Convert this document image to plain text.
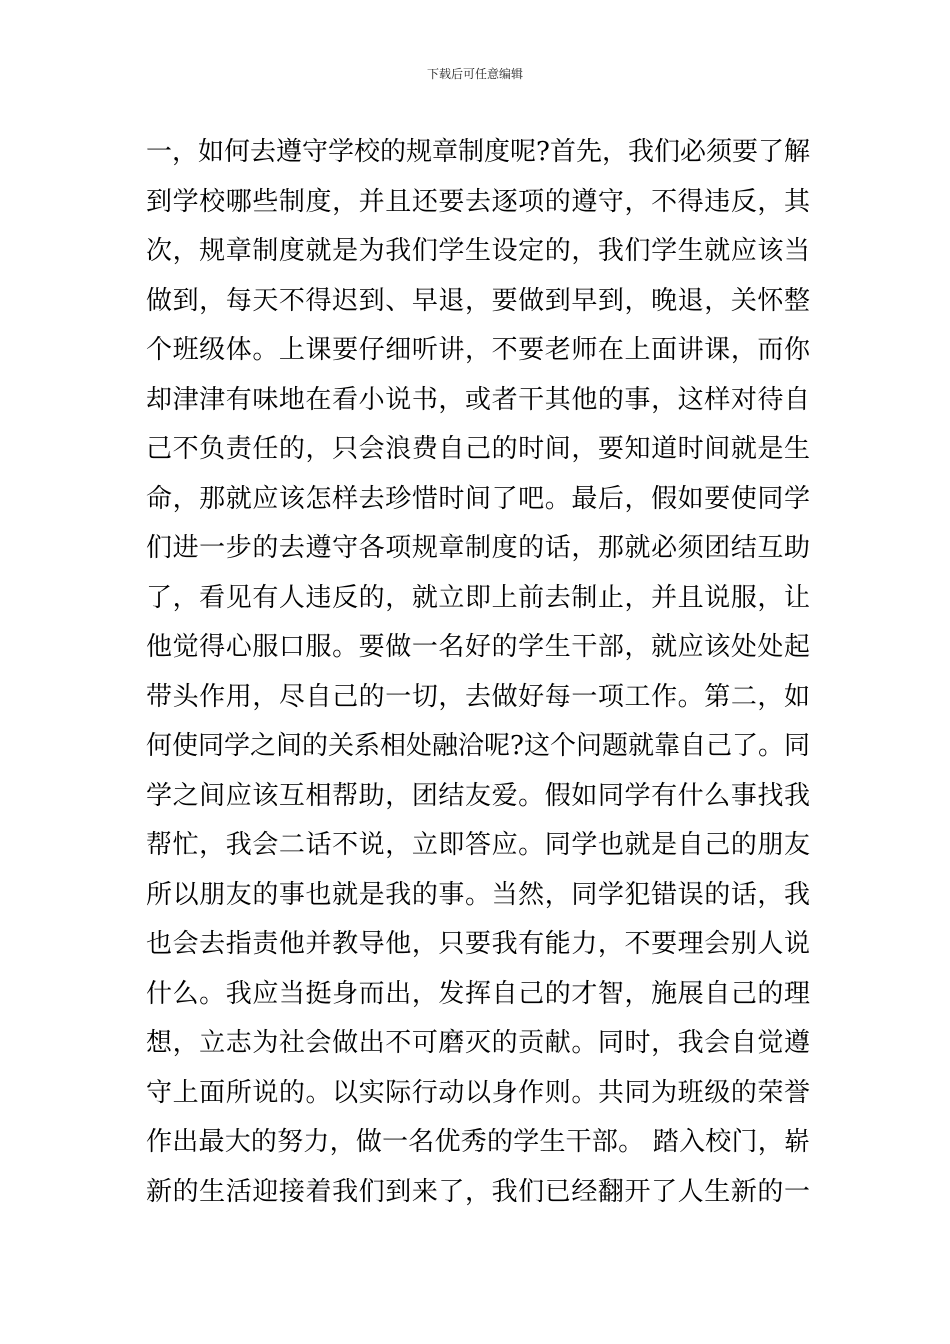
下载后可任意编辑
一，如何去遵守学校的规章制度呢?首先，我们必须要了解
到学校哪些制度，并且还要去逐项的遵守，不得违反，其
次，规章制度就是为我们学生设定的，我们学生就应该当
做到，每天不得迟到、早退，要做到早到，晚退，关怀整
个班级体。上课要仔细听讲，不要老师在上面讲课，而你
却津津有味地在看小说书，或者干其他的事，这样对待自
己不负责任的，只会浪费自己的时间，要知道时间就是生
命，那就应该怎样去珍惜时间了吧。最后，假如要使同学
们进一步的去遵守各项规章制度的话，那就必须团结互助
了，看见有人违反的，就立即上前去制止，并且说服，让
他觉得心服口服。要做一名好的学生干部，就应该处处起
带头作用，尽自己的一切，去做好每一项工作。第二，如
何使同学之间的关系相处融洽呢?这个问题就靠自己了。同
学之间应该互相帮助，团结友爱。假如同学有什么事找我
帮忙，我会二话不说，立即答应。同学也就是自己的朋友
所以朋友的事也就是我的事。当然，同学犯错误的话，我
也会去指责他并教导他，只要我有能力，不要理会别人说
什么。我应当挺身而出，发挥自己的才智，施展自己的理
想，立志为社会做出不可磨灭的贡献。同时，我会自觉遵
守上面所说的。以实际行动以身作则。共同为班级的荣誉
作出最大的努力，做一名优秀的学生干部。 踏入校门，崭
新的生活迎接着我们到来了，我们已经翻开了人生新的一
